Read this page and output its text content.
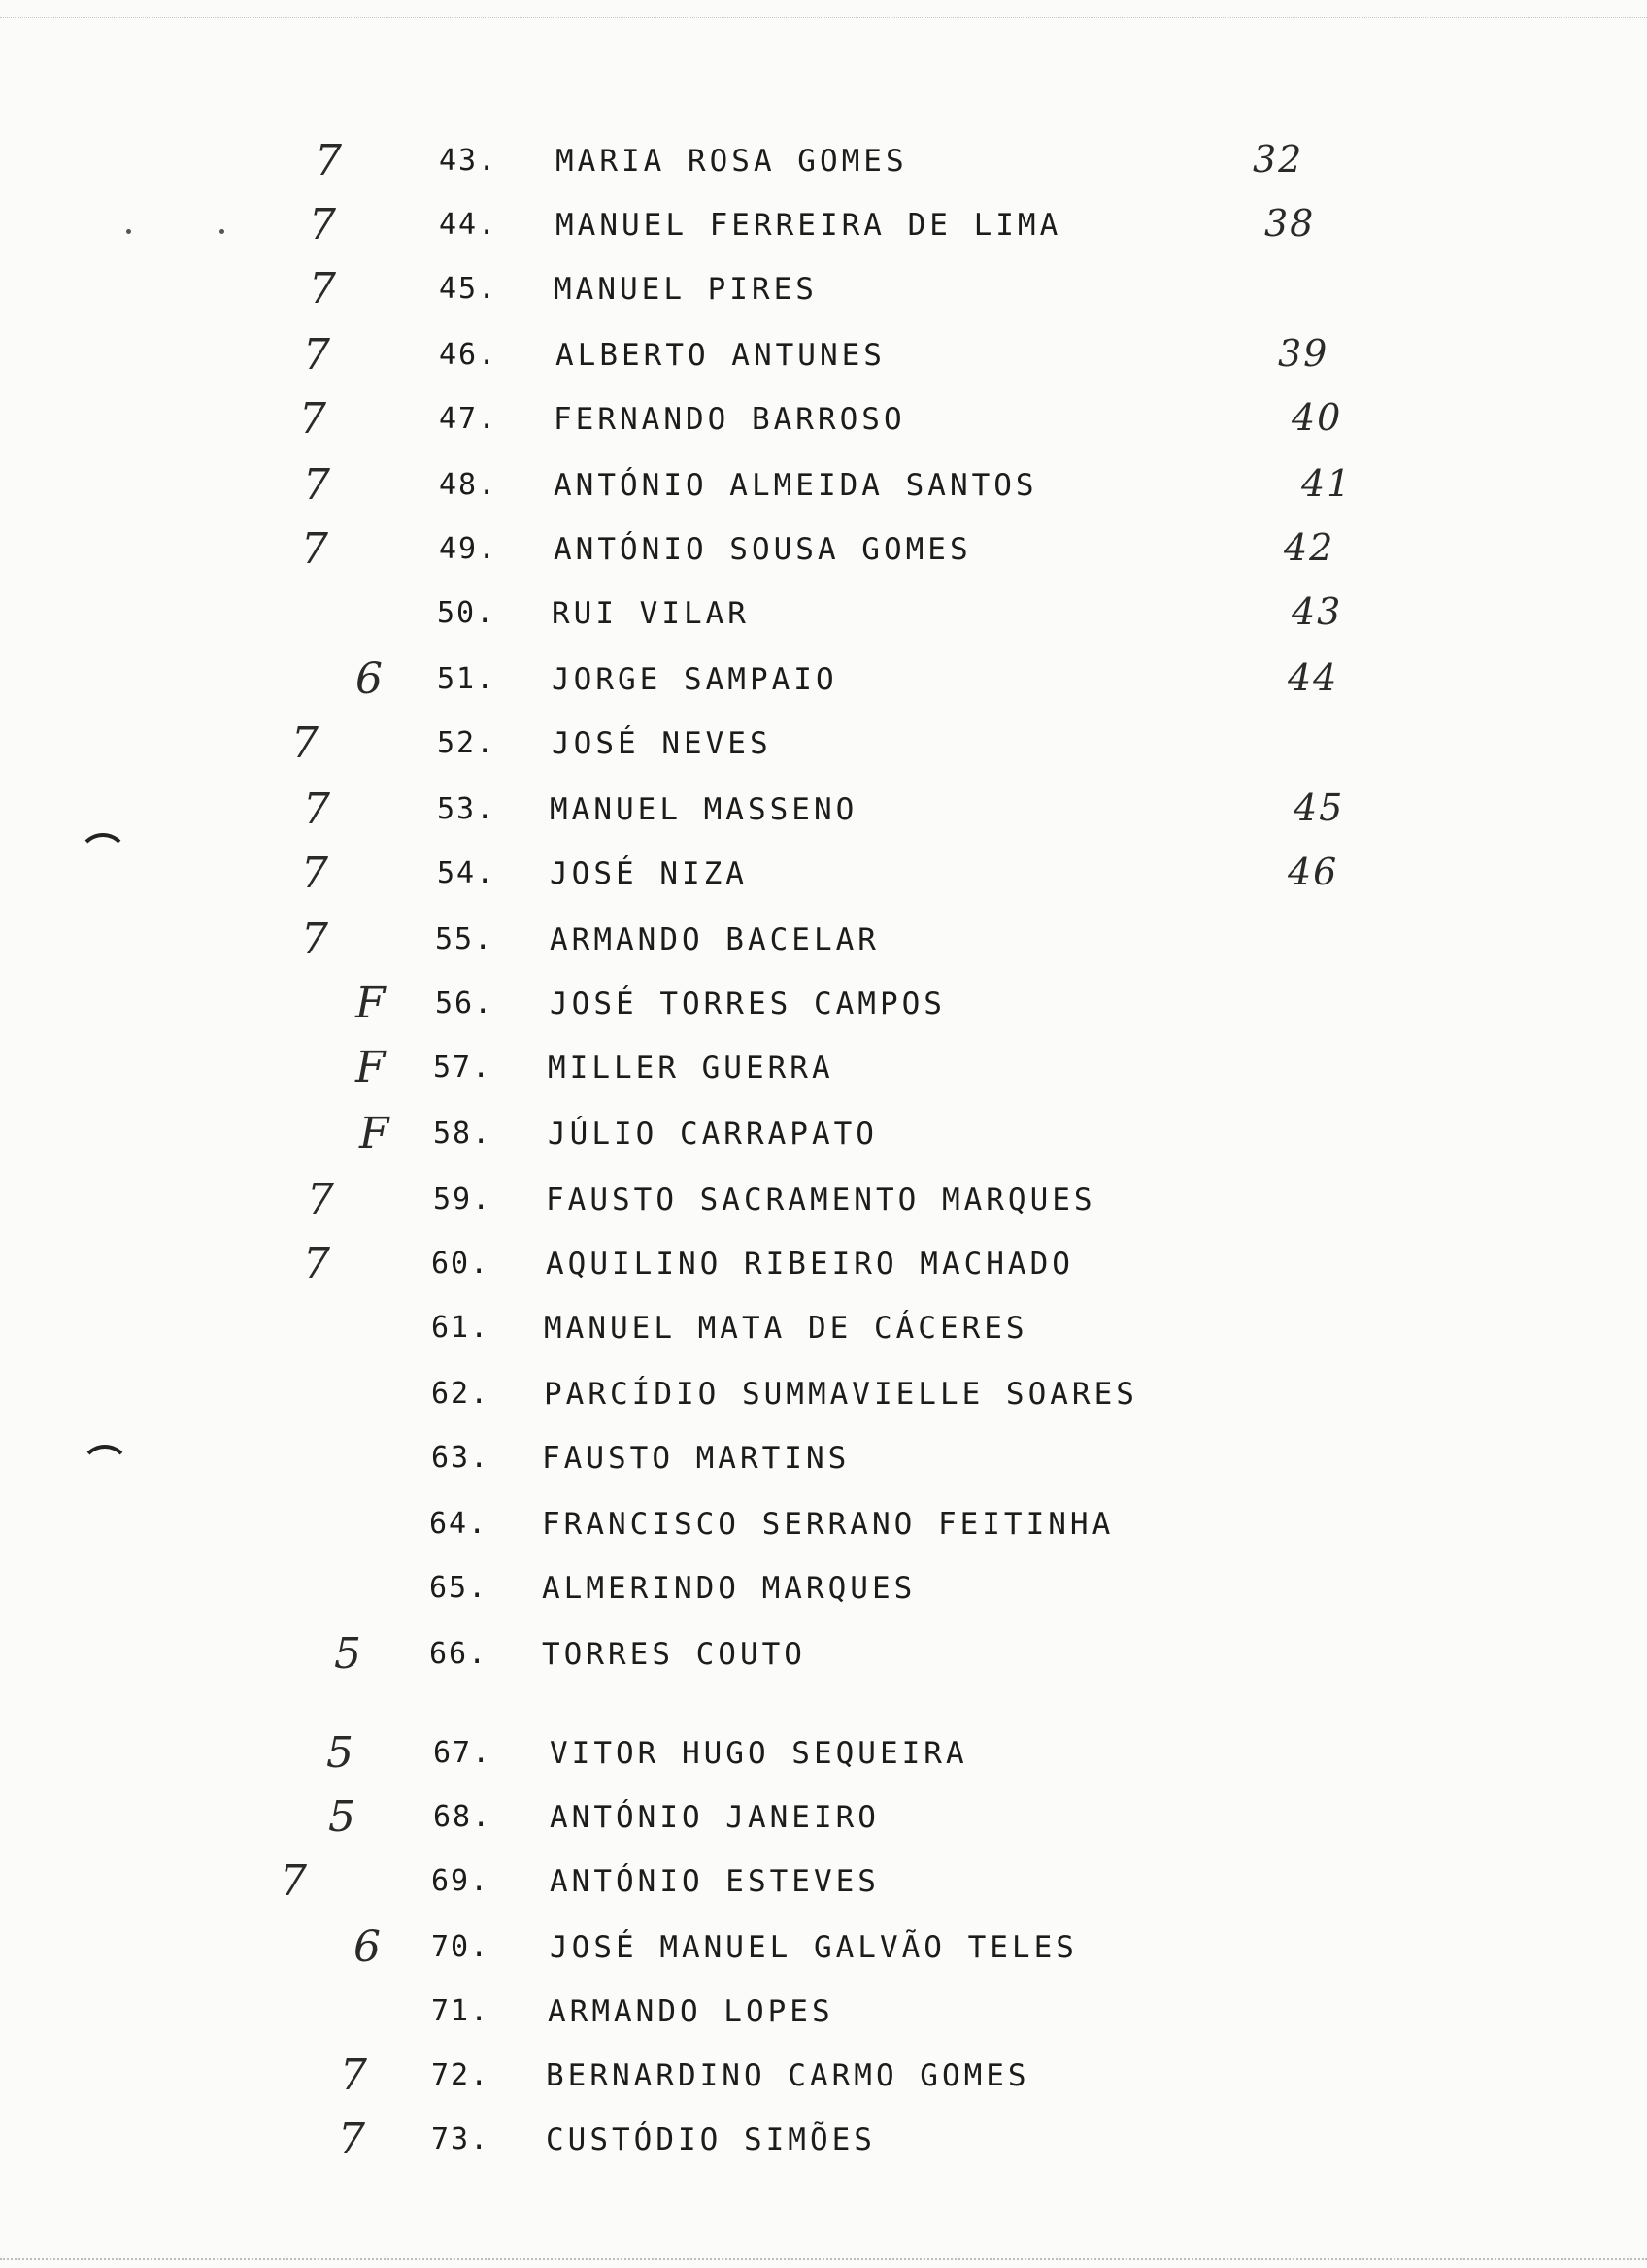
7	43. MARIA ROSA GOMES	32
7	44. MANUEL FERREIRA DE LIMA	38
7	45. MANUEL PIRES
7	46. ALBERTO ANTUNES	39
7	47. FERNANDO BARROSO	40
7	48. ANTÓNIO ALMEIDA SANTOS	41
7	49. ANTÓNIO SOUSA GOMES	42
50. RUI VILAR	43
6 51. JORGE SAMPAIO	44
7	52. JOSÉ NEVES
7	53. MANUEL MASSENO	45
7	54. JOSÉ NIZA	46
7	55. ARMANDO BACELAR
F 56. JOSÉ TORRES CAMPOS
F 57. MILLER GUERRA
F 58. JÚLIO CARRAPATO
7	59. FAUSTO SACRAMENTO MARQUES
7	60. AQUILINO RIBEIRO MACHADO
61. MANUEL MATA DE CÁCERES
62. PARCÍDIO SUMMAVIELLE SOARES
63. FAUSTO MARTINS
64. FRANCISCO SERRANO FEITINHA
65. ALMERINDO MARQUES
5 66. TORRES COUTO
5	67. VITOR HUGO SEQUEIRA
5	68. ANTÓNIO JANEIRO
7	69. ANTÓNIO ESTEVES
6 70. JOSÉ MANUEL GALVÃO TELES
71. ARMANDO LOPES
7 72. BERNARDINO CARMO GOMES
7 73. CUSTÓDIO SIMÕES
